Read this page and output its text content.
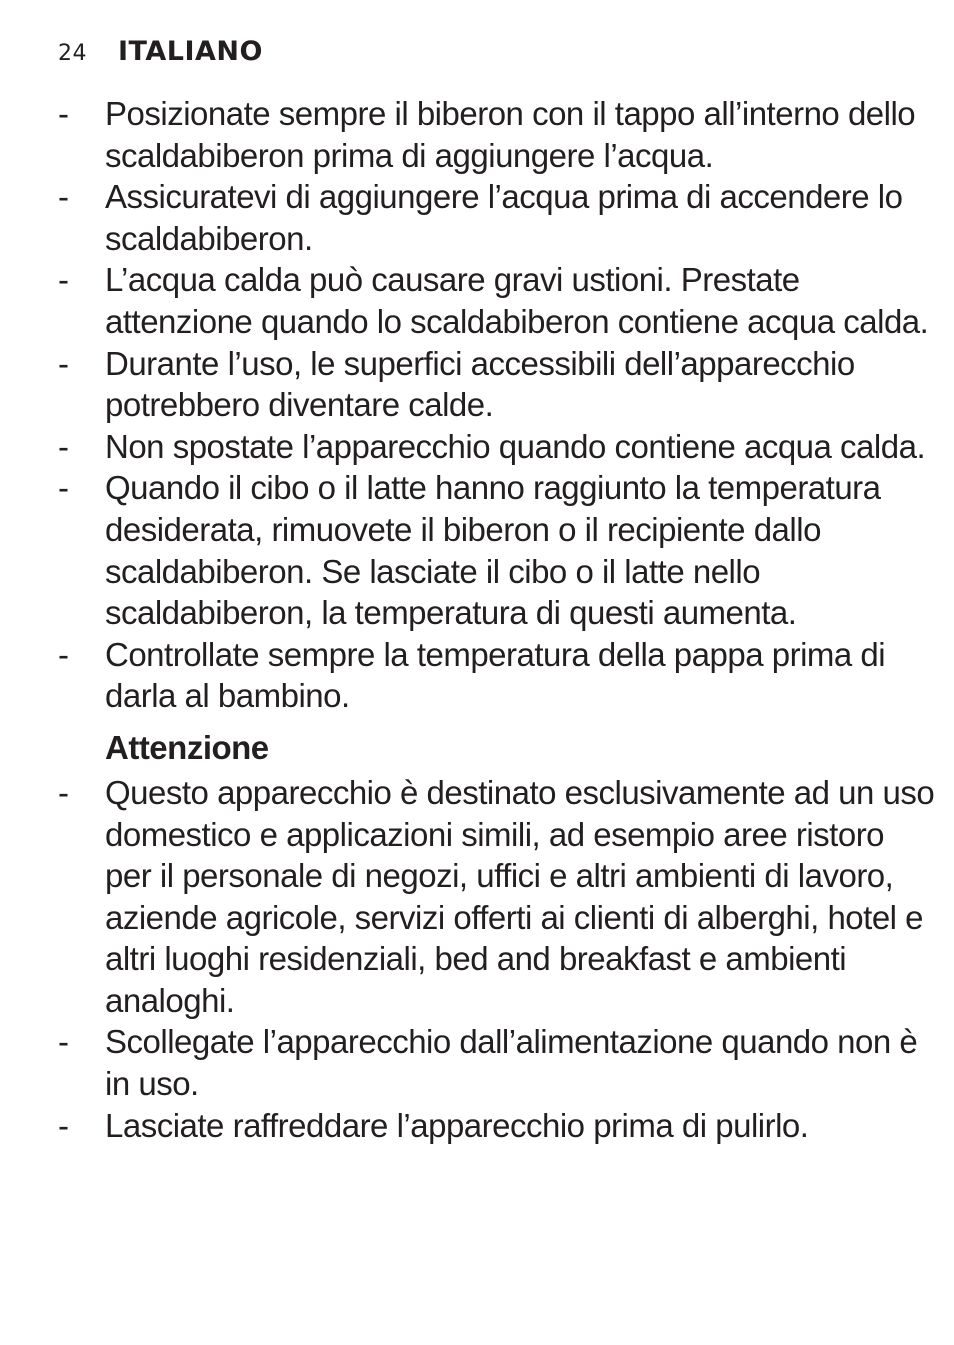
24	ITALIANO
- Posizionate sempre il biberon con il tappo all’interno dello scaldabiberon prima di aggiungere l’acqua.
- Assicuratevi di aggiungere l’acqua prima di accendere lo scaldabiberon.
- L’acqua calda può causare gravi ustioni. Prestate attenzione quando lo scaldabiberon contiene acqua calda.
- Durante l’uso, le superfici accessibili dell’apparecchio potrebbero diventare calde.
- Non spostate l’apparecchio quando contiene acqua calda.
- Quando il cibo o il latte hanno raggiunto la temperatura desiderata, rimuovete il biberon o il recipiente dallo scaldabiberon. Se lasciate il cibo o il latte nello scaldabiberon, la temperatura di questi aumenta.
- Controllate sempre la temperatura della pappa prima di darla al bambino.
Attenzione
- Questo apparecchio è destinato esclusivamente ad un uso domestico e applicazioni simili, ad esempio aree ristoro per il personale di negozi, uffici e altri ambienti di lavoro, aziende agricole, servizi offerti ai clienti di alberghi, hotel e altri luoghi residenziali, bed and breakfast e ambienti analoghi.
- Scollegate l’apparecchio dall’alimentazione quando non è in uso.
- Lasciate raffreddare l’apparecchio prima di pulirlo.
